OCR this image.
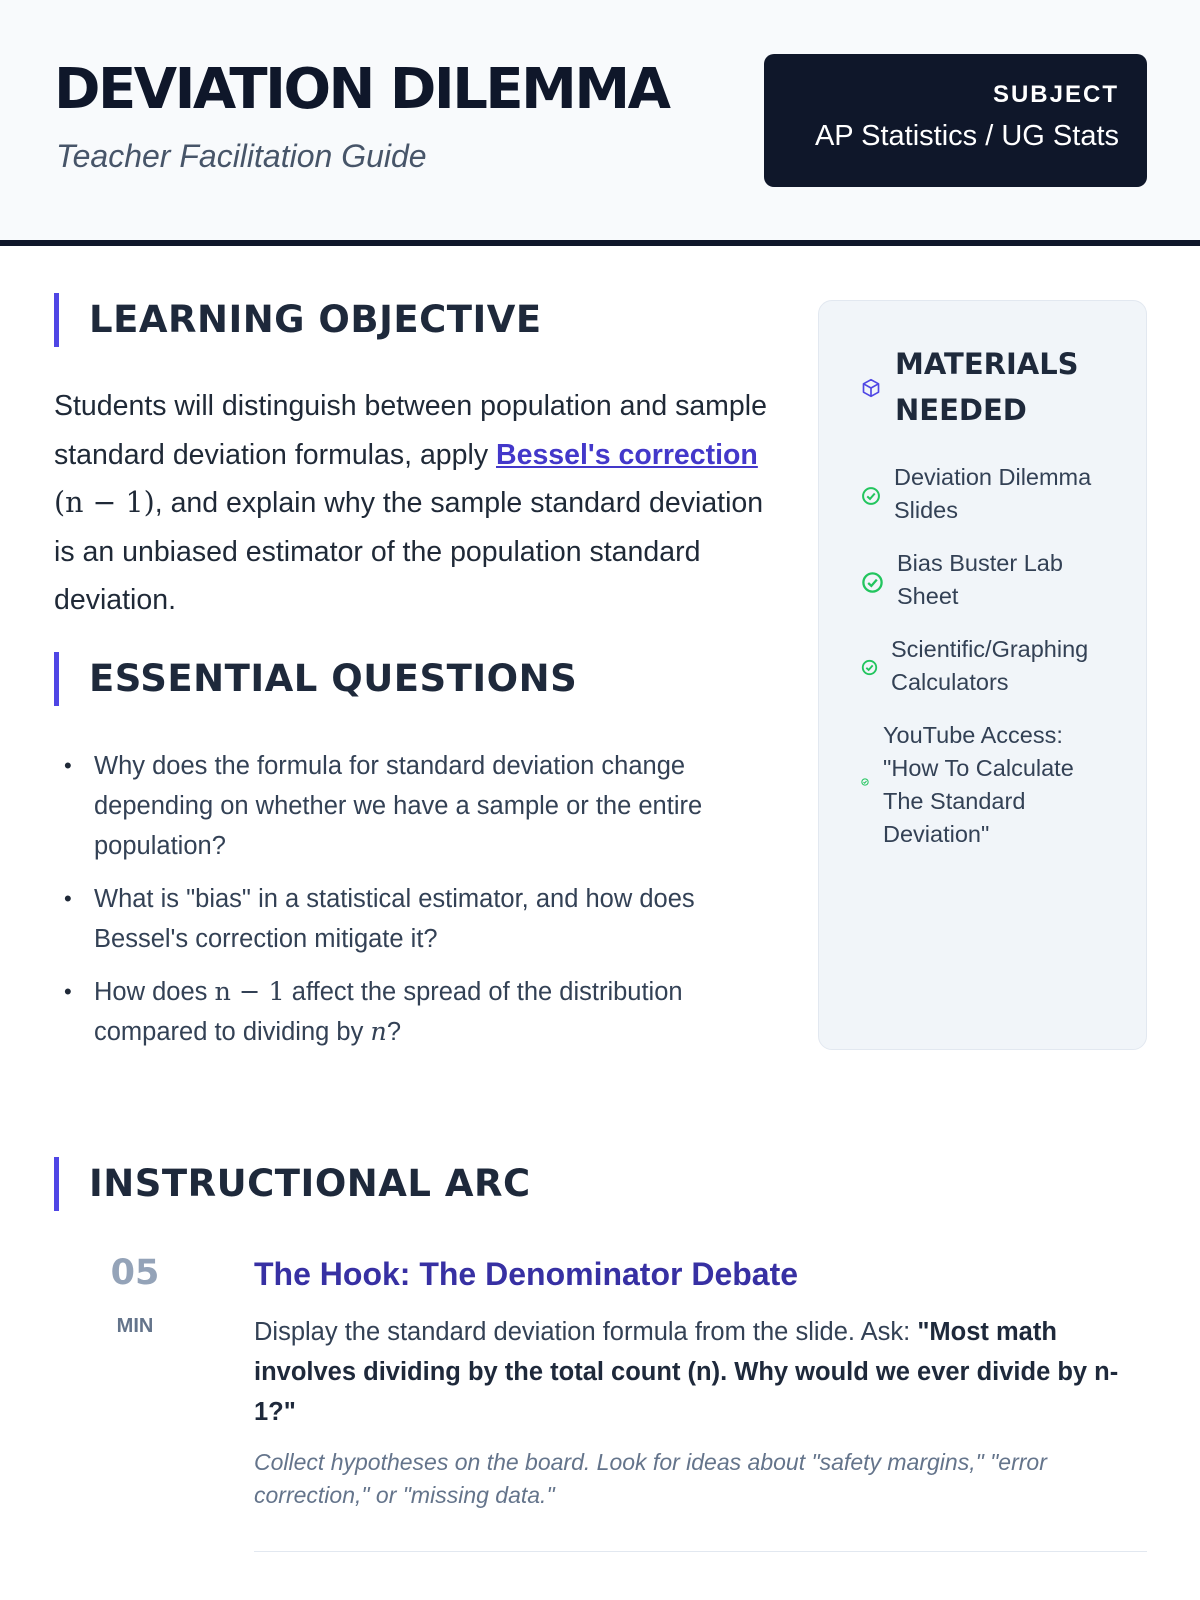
DEVIATION DILEMMA
Teacher Facilitation Guide
SUBJECT
AP Statistics / UG Stats
LEARNING OBJECTIVE

Students will distinguish between population and sample standard deviation formulas, apply Bessel's correction (n − 1), and explain why the sample standard deviation is an unbiased estimator of the population standard deviation.

ESSENTIAL QUESTIONS
• Why does the formula for standard deviation change depending on whether we have a sample or the entire population?
• What is "bias" in a statistical estimator, and how does Bessel's correction mitigate it?
• How does n − 1 affect the spread of the distribution compared to dividing by n?
MATERIALS NEEDED
Deviation Dilemma Slides
Bias Buster Lab Sheet
Scientific/Graphing Calculators
YouTube Access: "How To Calculate The Standard Deviation"
INSTRUCTIONAL ARC
05
MIN
The Hook: The Denominator Debate

Display the standard deviation formula from the slide. Ask: "Most math involves dividing by the total count (n). Why would we ever divide by n-1?"

Collect hypotheses on the board. Look for ideas about "safety margins," "error correction," or "missing data."
